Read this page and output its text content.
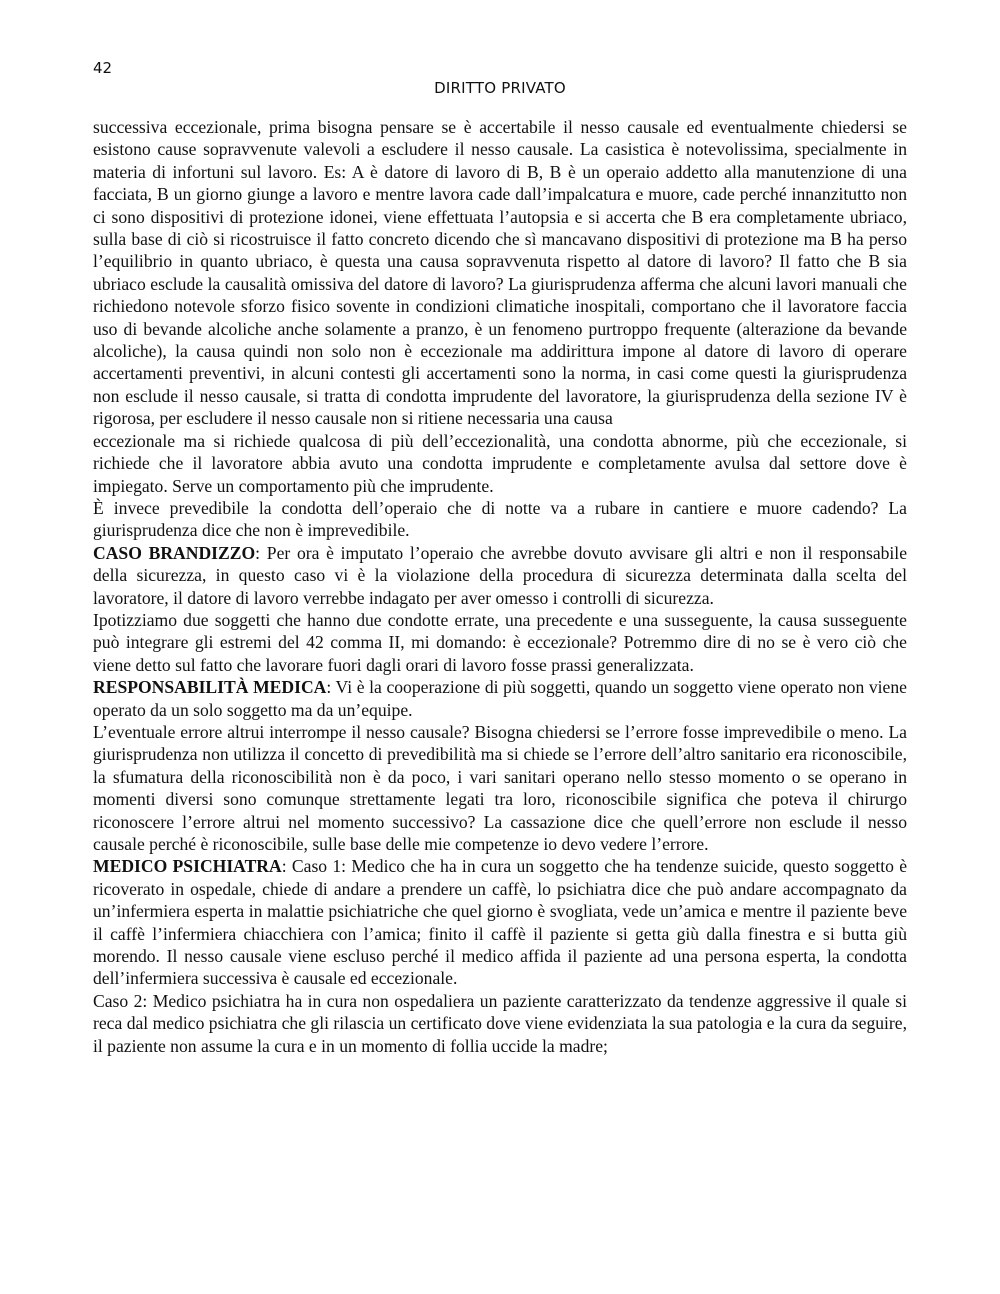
42
DIRITTO PRIVATO

successiva eccezionale, prima bisogna pensare se è accertabile il nesso causale ed eventualmente chiedersi se esistono cause sopravvenute valevoli a escludere il nesso causale. La casistica è notevolissima, specialmente in materia di infortuni sul lavoro. Es: A è datore di lavoro di B, B è un operaio addetto alla manutenzione di una facciata, B un giorno giunge a lavoro e mentre lavora cade dall’impalcatura e muore, cade perché innanzitutto non ci sono dispositivi di protezione idonei, viene effettuata l’autopsia e si accerta che B era completamente ubriaco, sulla base di ciò si ricostruisce il fatto concreto dicendo che sì mancavano dispositivi di protezione ma B ha perso l’equilibrio in quanto ubriaco, è questa una causa sopravvenuta rispetto al datore di lavoro? Il fatto che B sia ubriaco esclude la causalità omissiva del datore di lavoro? La giurisprudenza afferma che alcuni lavori manuali che richiedono notevole sforzo fisico sovente in condizioni climatiche inospitali, comportano che il lavoratore faccia uso di bevande alcoliche anche solamente a pranzo, è un fenomeno purtroppo frequente (alterazione da bevande alcoliche), la causa quindi non solo non è eccezionale ma addirittura impone al datore di lavoro di operare accertamenti preventivi, in alcuni contesti gli accertamenti sono la norma, in casi come questi la giurisprudenza non esclude il nesso causale, si tratta di condotta imprudente del lavoratore, la giurisprudenza della sezione IV è rigorosa, per escludere il nesso causale non si ritiene necessaria una causa

eccezionale ma si richiede qualcosa di più dell’eccezionalità, una condotta abnorme, più che eccezionale, si richiede che il lavoratore abbia avuto una condotta imprudente e completamente avulsa dal settore dove è impiegato. Serve un comportamento più che imprudente.

È invece prevedibile la condotta dell’operaio che di notte va a rubare in cantiere e muore cadendo? La giurisprudenza dice che non è imprevedibile.

CASO BRANDIZZO: Per ora è imputato l’operaio che avrebbe dovuto avvisare gli altri e non il responsabile della sicurezza, in questo caso vi è la violazione della procedura di sicurezza determinata dalla scelta del lavoratore, il datore di lavoro verrebbe indagato per aver omesso i controlli di sicurezza.

Ipotizziamo due soggetti che hanno due condotte errate, una precedente e una susseguente, la causa susseguente può integrare gli estremi del 42 comma II, mi domando: è eccezionale? Potremmo dire di no se è vero ciò che viene detto sul fatto che lavorare fuori dagli orari di lavoro fosse prassi generalizzata.

RESPONSABILITÀ MEDICA: Vi è la cooperazione di più soggetti, quando un soggetto viene operato non viene operato da un solo soggetto ma da un’equipe.

L’eventuale errore altrui interrompe il nesso causale? Bisogna chiedersi se l’errore fosse imprevedibile o meno. La giurisprudenza non utilizza il concetto di prevedibilità ma si chiede se l’errore dell’altro sanitario era riconoscibile, la sfumatura della riconoscibilità non è da poco, i vari sanitari operano nello stesso momento o se operano in momenti diversi sono comunque strettamente legati tra loro, riconoscibile significa che poteva il chirurgo riconoscere l’errore altrui nel momento successivo? La cassazione dice che quell’errore non esclude il nesso causale perché è riconoscibile, sulle base delle mie competenze io devo vedere l’errore.

MEDICO PSICHIATRA: Caso 1: Medico che ha in cura un soggetto che ha tendenze suicide, questo soggetto è ricoverato in ospedale, chiede di andare a prendere un caffè, lo psichiatra dice che può andare accompagnato da un’infermiera esperta in malattie psichiatriche che quel giorno è svogliata, vede un’amica e mentre il paziente beve il caffè l’infermiera chiacchiera con l’amica; finito il caffè il paziente si getta giù dalla finestra e si butta giù morendo. Il nesso causale viene escluso perché il medico affida il paziente ad una persona esperta, la condotta dell’infermiera successiva è causale ed eccezionale.

Caso 2: Medico psichiatra ha in cura non ospedaliera un paziente caratterizzato da tendenze aggressive il quale si reca dal medico psichiatra che gli rilascia un certificato dove viene evidenziata la sua patologia e la cura da seguire, il paziente non assume la cura e in un momento di follia uccide la madre;
